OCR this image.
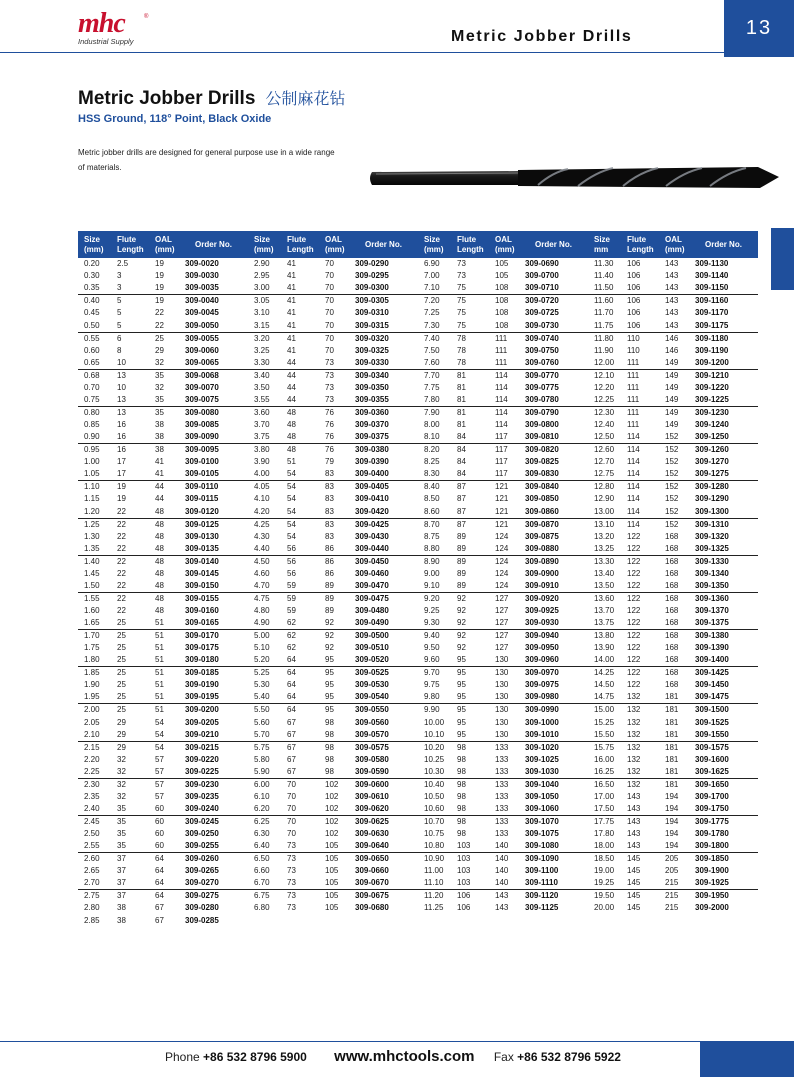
mhc	®
Industrial Supply	Metric Jobber Drills	13
Metric Jobber Drills 公制麻花钻
HSS Ground, 118° Point, Black Oxide
Metric jobber drills are designed for general purpose use in a wide range of materials.
Size
(mm)	Flute
Length	OAL
(mm)	Order No.	Size
(mm)	Flute
Length	OAL
(mm)	Order No.	Size
(mm)	Flute
Length	OAL
(mm)	Order No.	Size
mm	Flute
Length	OAL
(mm)	Order No.
0.20	2.5	19	309-0020	2.90	41	70	309-0290	6.90	73	105	309-0690	11.30	106	143	309-1130
0.30	3	19	309-0030	2.95	41	70	309-0295	7.00	73	105	309-0700	11.40	106	143	309-1140
0.35	3	19	309-0035	3.00	41	70	309-0300	7.10	75	108	309-0710	11.50	106	143	309-1150
0.40	5	19	309-0040	3.05	41	70	309-0305	7.20	75	108	309-0720	11.60	106	143	309-1160
0.45	5	22	309-0045	3.10	41	70	309-0310	7.25	75	108	309-0725	11.70	106	143	309-1170
0.50	5	22	309-0050	3.15	41	70	309-0315	7.30	75	108	309-0730	11.75	106	143	309-1175
0.55	6	25	309-0055	3.20	41	70	309-0320	7.40	78	111	309-0740	11.80	110	146	309-1180
0.60	8	29	309-0060	3.25	41	70	309-0325	7.50	78	111	309-0750	11.90	110	146	309-1190
0.65	10	32	309-0065	3.30	44	73	309-0330	7.60	78	111	309-0760	12.00	111	149	309-1200
0.68	13	35	309-0068	3.40	44	73	309-0340	7.70	81	114	309-0770	12.10	111	149	309-1210
0.70	10	32	309-0070	3.50	44	73	309-0350	7.75	81	114	309-0775	12.20	111	149	309-1220
0.75	13	35	309-0075	3.55	44	73	309-0355	7.80	81	114	309-0780	12.25	111	149	309-1225
0.80	13	35	309-0080	3.60	48	76	309-0360	7.90	81	114	309-0790	12.30	111	149	309-1230
0.85	16	38	309-0085	3.70	48	76	309-0370	8.00	81	114	309-0800	12.40	111	149	309-1240
0.90	16	38	309-0090	3.75	48	76	309-0375	8.10	84	117	309-0810	12.50	114	152	309-1250
0.95	16	38	309-0095	3.80	48	76	309-0380	8.20	84	117	309-0820	12.60	114	152	309-1260
1.00	17	41	309-0100	3.90	51	79	309-0390	8.25	84	117	309-0825	12.70	114	152	309-1270
1.05	17	41	309-0105	4.00	54	83	309-0400	8.30	84	117	309-0830	12.75	114	152	309-1275
1.10	19	44	309-0110	4.05	54	83	309-0405	8.40	87	121	309-0840	12.80	114	152	309-1280
1.15	19	44	309-0115	4.10	54	83	309-0410	8.50	87	121	309-0850	12.90	114	152	309-1290
1.20	22	48	309-0120	4.20	54	83	309-0420	8.60	87	121	309-0860	13.00	114	152	309-1300
1.25	22	48	309-0125	4.25	54	83	309-0425	8.70	87	121	309-0870	13.10	114	152	309-1310
1.30	22	48	309-0130	4.30	54	83	309-0430	8.75	89	124	309-0875	13.20	122	168	309-1320
1.35	22	48	309-0135	4.40	56	86	309-0440	8.80	89	124	309-0880	13.25	122	168	309-1325
1.40	22	48	309-0140	4.50	56	86	309-0450	8.90	89	124	309-0890	13.30	122	168	309-1330
1.45	22	48	309-0145	4.60	56	86	309-0460	9.00	89	124	309-0900	13.40	122	168	309-1340
1.50	22	48	309-0150	4.70	59	89	309-0470	9.10	89	124	309-0910	13.50	122	168	309-1350
1.55	22	48	309-0155	4.75	59	89	309-0475	9.20	92	127	309-0920	13.60	122	168	309-1360
1.60	22	48	309-0160	4.80	59	89	309-0480	9.25	92	127	309-0925	13.70	122	168	309-1370
1.65	25	51	309-0165	4.90	62	92	309-0490	9.30	92	127	309-0930	13.75	122	168	309-1375
1.70	25	51	309-0170	5.00	62	92	309-0500	9.40	92	127	309-0940	13.80	122	168	309-1380
1.75	25	51	309-0175	5.10	62	92	309-0510	9.50	92	127	309-0950	13.90	122	168	309-1390
1.80	25	51	309-0180	5.20	64	95	309-0520	9.60	95	130	309-0960	14.00	122	168	309-1400
1.85	25	51	309-0185	5.25	64	95	309-0525	9.70	95	130	309-0970	14.25	122	168	309-1425
1.90	25	51	309-0190	5.30	64	95	309-0530	9.75	95	130	309-0975	14.50	122	168	309-1450
1.95	25	51	309-0195	5.40	64	95	309-0540	9.80	95	130	309-0980	14.75	132	181	309-1475
2.00	25	51	309-0200	5.50	64	95	309-0550	9.90	95	130	309-0990	15.00	132	181	309-1500
2.05	29	54	309-0205	5.60	67	98	309-0560	10.00	95	130	309-1000	15.25	132	181	309-1525
2.10	29	54	309-0210	5.70	67	98	309-0570	10.10	95	130	309-1010	15.50	132	181	309-1550
2.15	29	54	309-0215	5.75	67	98	309-0575	10.20	98	133	309-1020	15.75	132	181	309-1575
2.20	32	57	309-0220	5.80	67	98	309-0580	10.25	98	133	309-1025	16.00	132	181	309-1600
2.25	32	57	309-0225	5.90	67	98	309-0590	10.30	98	133	309-1030	16.25	132	181	309-1625
2.30	32	57	309-0230	6.00	70	102	309-0600	10.40	98	133	309-1040	16.50	132	181	309-1650
2.35	32	57	309-0235	6.10	70	102	309-0610	10.50	98	133	309-1050	17.00	143	194	309-1700
2.40	35	60	309-0240	6.20	70	102	309-0620	10.60	98	133	309-1060	17.50	143	194	309-1750
2.45	35	60	309-0245	6.25	70	102	309-0625	10.70	98	133	309-1070	17.75	143	194	309-1775
2.50	35	60	309-0250	6.30	70	102	309-0630	10.75	98	133	309-1075	17.80	143	194	309-1780
2.55	35	60	309-0255	6.40	73	105	309-0640	10.80	103	140	309-1080	18.00	143	194	309-1800
2.60	37	64	309-0260	6.50	73	105	309-0650	10.90	103	140	309-1090	18.50	145	205	309-1850
2.65	37	64	309-0265	6.60	73	105	309-0660	11.00	103	140	309-1100	19.00	145	205	309-1900
2.70	37	64	309-0270	6.70	73	105	309-0670	11.10	103	140	309-1110	19.25	145	215	309-1925
2.75	37	64	309-0275	6.75	73	105	309-0675	11.20	106	143	309-1120	19.50	145	215	309-1950
2.80	38	67	309-0280	6.80	73	105	309-0680	11.25	106	143	309-1125	20.00	145	215	309-2000
2.85	38	67	309-0285												
Phone +86 532 8796 5900 www.mhctools.com Fax +86 532 8796 5922
